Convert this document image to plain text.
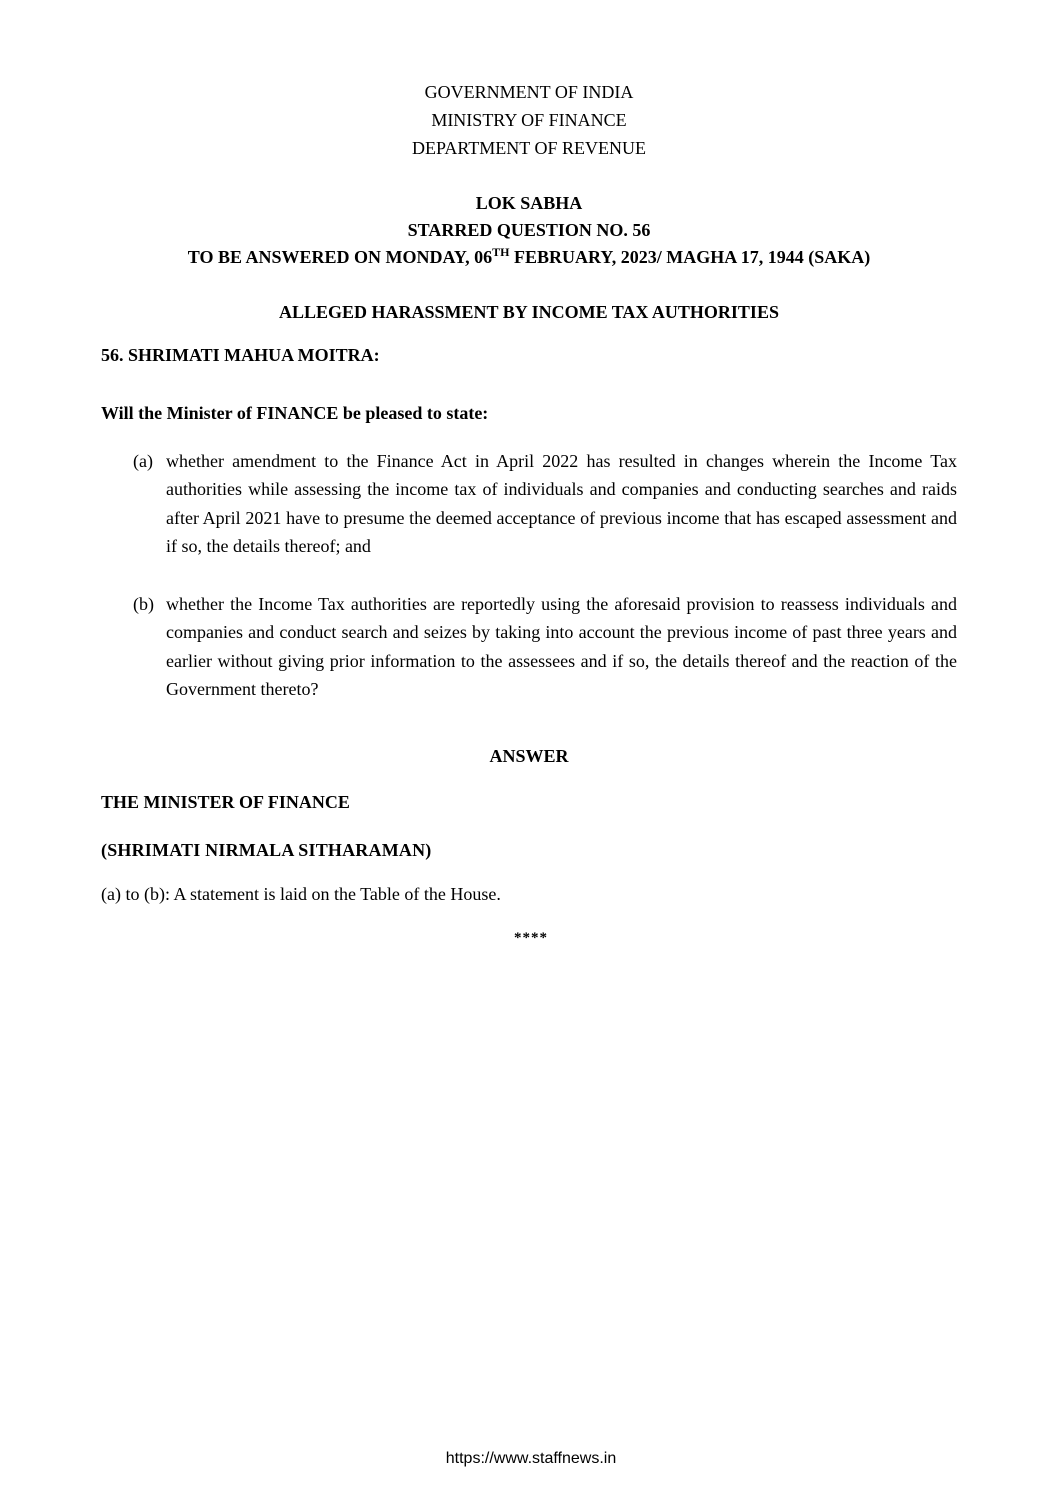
GOVERNMENT OF INDIA
MINISTRY OF FINANCE
DEPARTMENT OF REVENUE
LOK SABHA
STARRED QUESTION NO. 56
TO BE ANSWERED ON MONDAY, 06TH FEBRUARY, 2023/ MAGHA 17, 1944 (SAKA)
ALLEGED HARASSMENT BY INCOME TAX AUTHORITIES
56. SHRIMATI MAHUA MOITRA:
Will the Minister of FINANCE be pleased to state:
(a) whether amendment to the Finance Act in April 2022 has resulted in changes wherein the Income Tax authorities while assessing the income tax of individuals and companies and conducting searches and raids after April 2021 have to presume the deemed acceptance of previous income that has escaped assessment and if so, the details thereof; and
(b) whether the Income Tax authorities are reportedly using the aforesaid provision to reassess individuals and companies and conduct search and seizes by taking into account the previous income of past three years and earlier without giving prior information to the assessees and if so, the details thereof and the reaction of the Government thereto?
ANSWER
THE MINISTER OF FINANCE
(SHRIMATI NIRMALA SITHARAMAN)
(a) to (b): A statement is laid on the Table of the House.
****
https://www.staffnews.in
